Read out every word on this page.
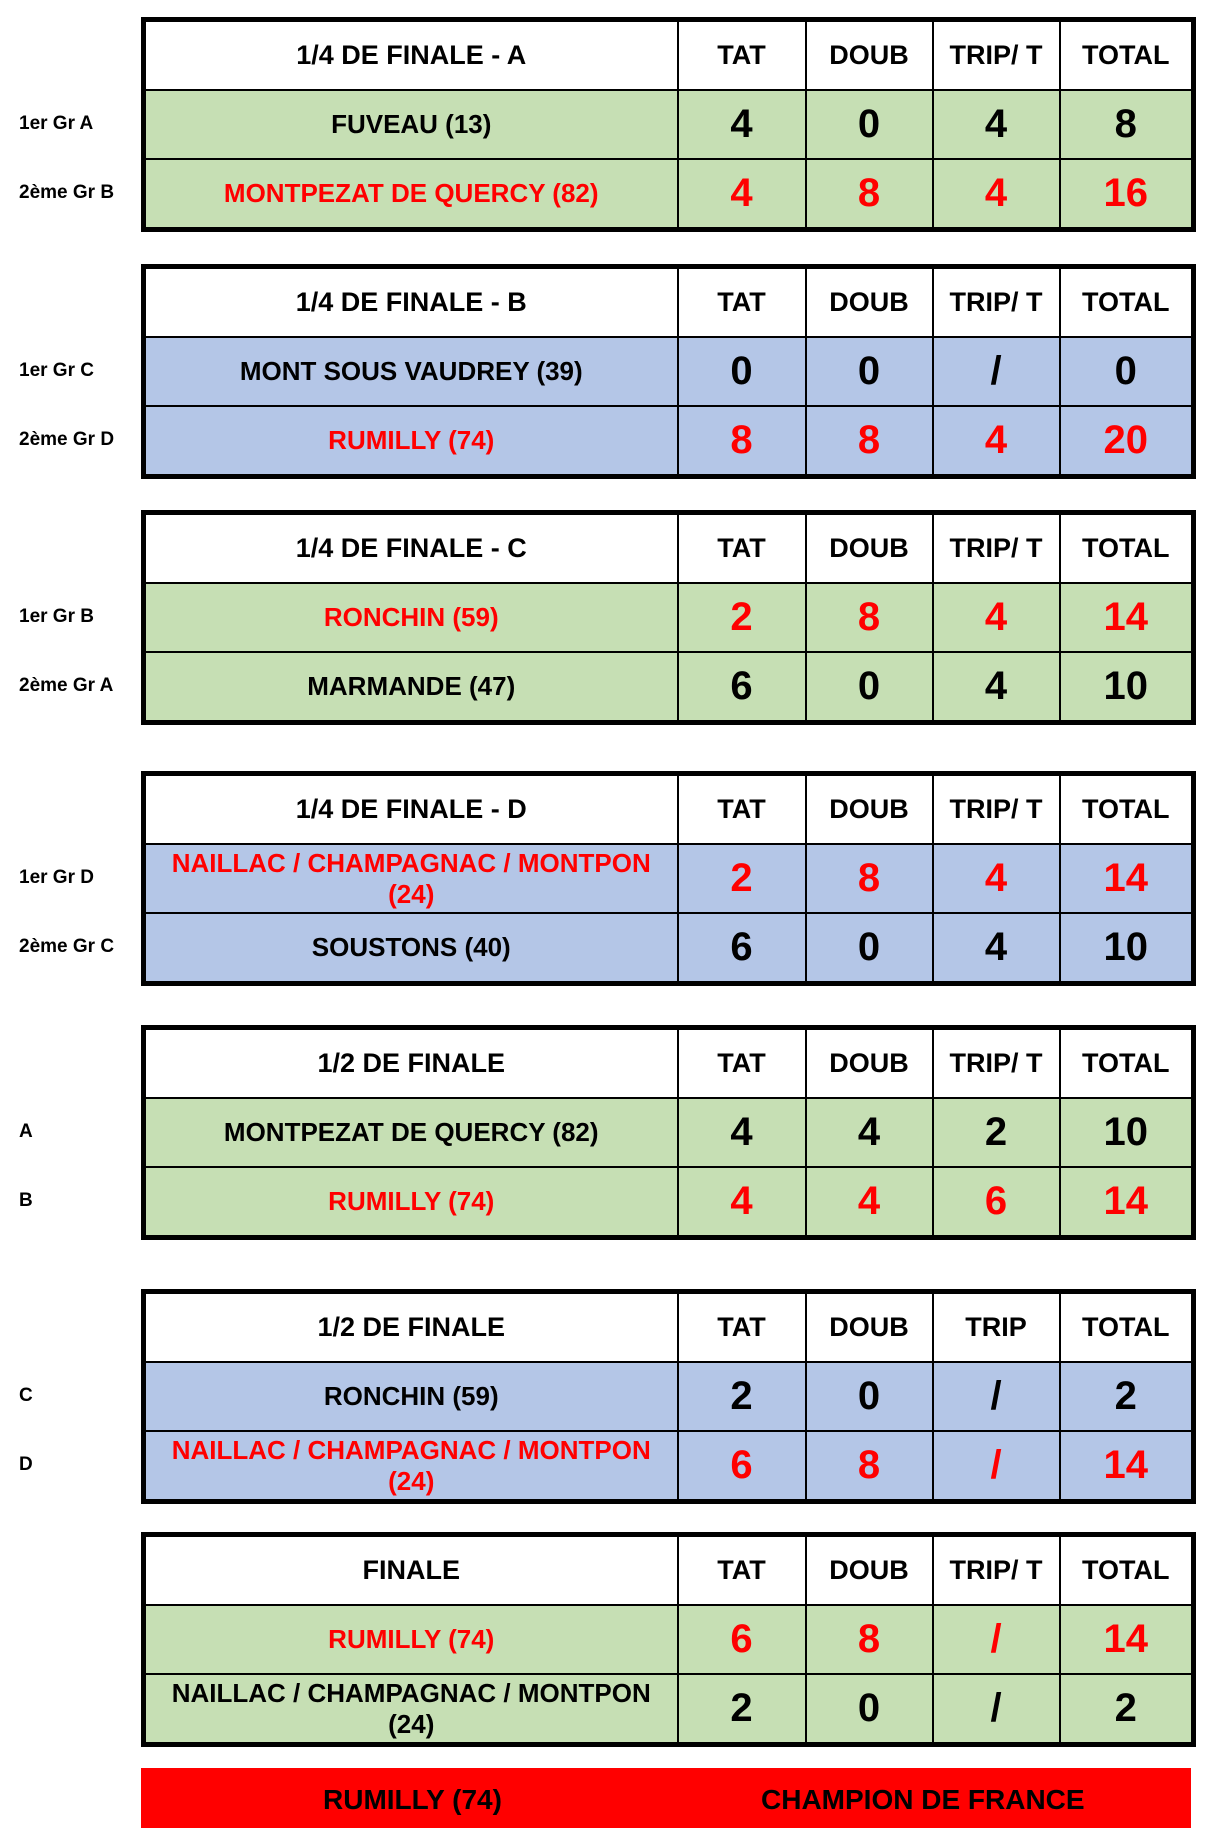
1er Gr A
2ème Gr B
1/4 DE FINALE - A	TAT	DOUB	TRIP/ T	TOTAL
FUVEAU (13)	4	0	4	8
MONTPEZAT DE QUERCY (82)	4	8	4	16
1er Gr C
2ème Gr D
1/4 DE FINALE - B	TAT	DOUB	TRIP/ T	TOTAL
MONT SOUS VAUDREY (39)	0	0	/	0
RUMILLY (74)	8	8	4	20
1er Gr B
2ème Gr A
1/4 DE FINALE - C	TAT	DOUB	TRIP/ T	TOTAL
RONCHIN (59)	2	8	4	14
MARMANDE (47)	6	0	4	10
1er Gr D
2ème Gr C
1/4 DE FINALE - D	TAT	DOUB	TRIP/ T	TOTAL
NAILLAC / CHAMPAGNAC / MONTPON (24)	2	8	4	14
SOUSTONS (40)	6	0	4	10
A
B
1/2 DE FINALE	TAT	DOUB	TRIP/ T	TOTAL
MONTPEZAT DE QUERCY (82)	4	4	2	10
RUMILLY (74)	4	4	6	14
C
D
1/2 DE FINALE	TAT	DOUB	TRIP	TOTAL
RONCHIN (59)	2	0	/	2
NAILLAC / CHAMPAGNAC / MONTPON (24)	6	8	/	14
FINALE	TAT	DOUB	TRIP/ T	TOTAL
RUMILLY (74)	6	8	/	14
NAILLAC / CHAMPAGNAC / MONTPON (24)	2	0	/	2
RUMILLY (74)	CHAMPION DE FRANCE
